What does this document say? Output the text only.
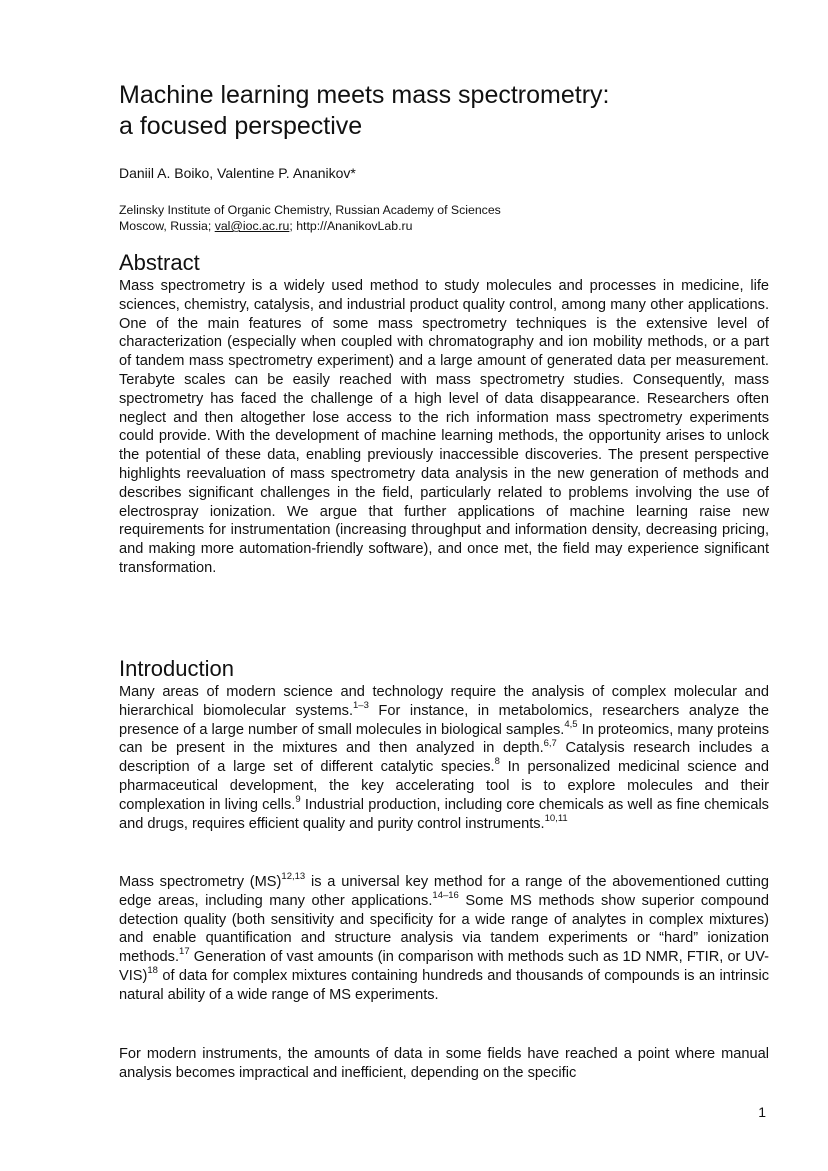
Machine learning meets mass spectrometry:
a focused perspective

Daniil A. Boiko, Valentine P. Ananikov*

Zelinsky Institute of Organic Chemistry, Russian Academy of Sciences
Moscow, Russia; val@ioc.ac.ru; http://AnanikovLab.ru

Abstract

Mass spectrometry is a widely used method to study molecules and processes in medicine, life sciences, chemistry, catalysis, and industrial product quality control, among many other applications. One of the main features of some mass spectrometry techniques is the extensive level of characterization (especially when coupled with chromatography and ion mobility methods, or a part of tandem mass spectrometry experiment) and a large amount of generated data per measurement. Terabyte scales can be easily reached with mass spectrometry studies. Consequently, mass spectrometry has faced the challenge of a high level of data disappearance. Researchers often neglect and then altogether lose access to the rich information mass spectrometry experiments could provide. With the development of machine learning methods, the opportunity arises to unlock the potential of these data, enabling previously inaccessible discoveries. The present perspective highlights reevaluation of mass spectrometry data analysis in the new generation of methods and describes significant challenges in the field, particularly related to problems involving the use of electrospray ionization. We argue that further applications of machine learning raise new requirements for instrumentation (increasing throughput and information density, decreasing pricing, and making more automation-friendly software), and once met, the field may experience significant transformation.

Introduction

Many areas of modern science and technology require the analysis of complex molecular and hierarchical biomolecular systems.$^{1-3}$ For instance, in metabolomics, researchers analyze the presence of a large number of small molecules in biological samples.$^{4,5}$ In proteomics, many proteins can be present in the mixtures and then analyzed in depth.$^{6,7}$ Catalysis research includes a description of a large set of different catalytic species.$^8$ In personalized medicinal science and pharmaceutical development, the key accelerating tool is to explore molecules and their complexation in living cells.$^9$ Industrial production, including core chemicals as well as fine chemicals and drugs, requires efficient quality and purity control instruments.$^{10,11}$

Mass spectrometry (MS)$^{12,13}$ is a universal key method for a range of the abovementioned cutting edge areas, including many other applications.$^{14-16}$ Some MS methods show superior compound detection quality (both sensitivity and specificity for a wide range of analytes in complex mixtures) and enable quantification and structure analysis via tandem experiments or “hard” ionization methods.$^{17}$ Generation of vast amounts (in comparison with methods such as 1D NMR, FTIR, or UV-VIS)$^{18}$ of data for complex mixtures containing hundreds and thousands of compounds is an intrinsic natural ability of a wide range of MS experiments.

For modern instruments, the amounts of data in some fields have reached a point where manual analysis becomes impractical and inefficient, depending on the specific

1
